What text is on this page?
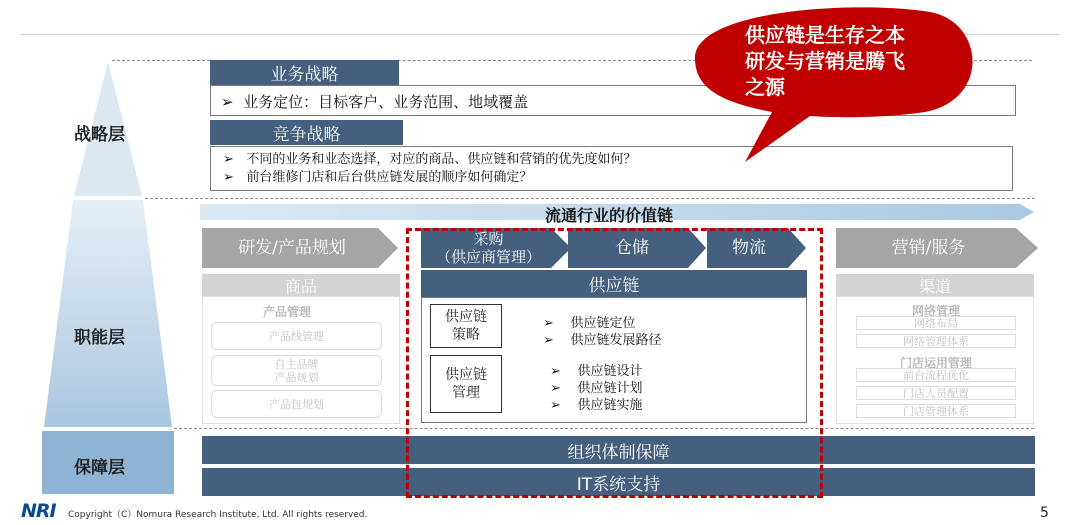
战略层
职能层
保障层
业务战略
➢ 业务定位：目标客户、业务范围、地域覆盖
竞争战略
➢ 不同的业务和业态选择，对应的商品、供应链和营销的优先度如何？
➢ 前台维修门店和后台供应链发展的顺序如何确定？
供应链是生存之本
研发与营销是腾飞
之源
流通行业的价值链
研发/产品规划	采购
（供应商管理）	仓储	物流	营销/服务
商品
产品管理
产品线管理
自主品牌
产品规划
产品包规划
供应链
供应链
策略
➢ 供应链定位
➢ 供应链发展路径
供应链
管理
➢ 供应链设计
➢ 供应链计划
➢ 供应链实施
渠道
网络管理
网络布局
网络管理体系
门店运用管理
前台流程优化
门店人员配置
门店管理体系
组织体制保障
IT系统支持
NRI Copyright（C）Nomura Research Institute, Ltd. All rights reserved.	5
